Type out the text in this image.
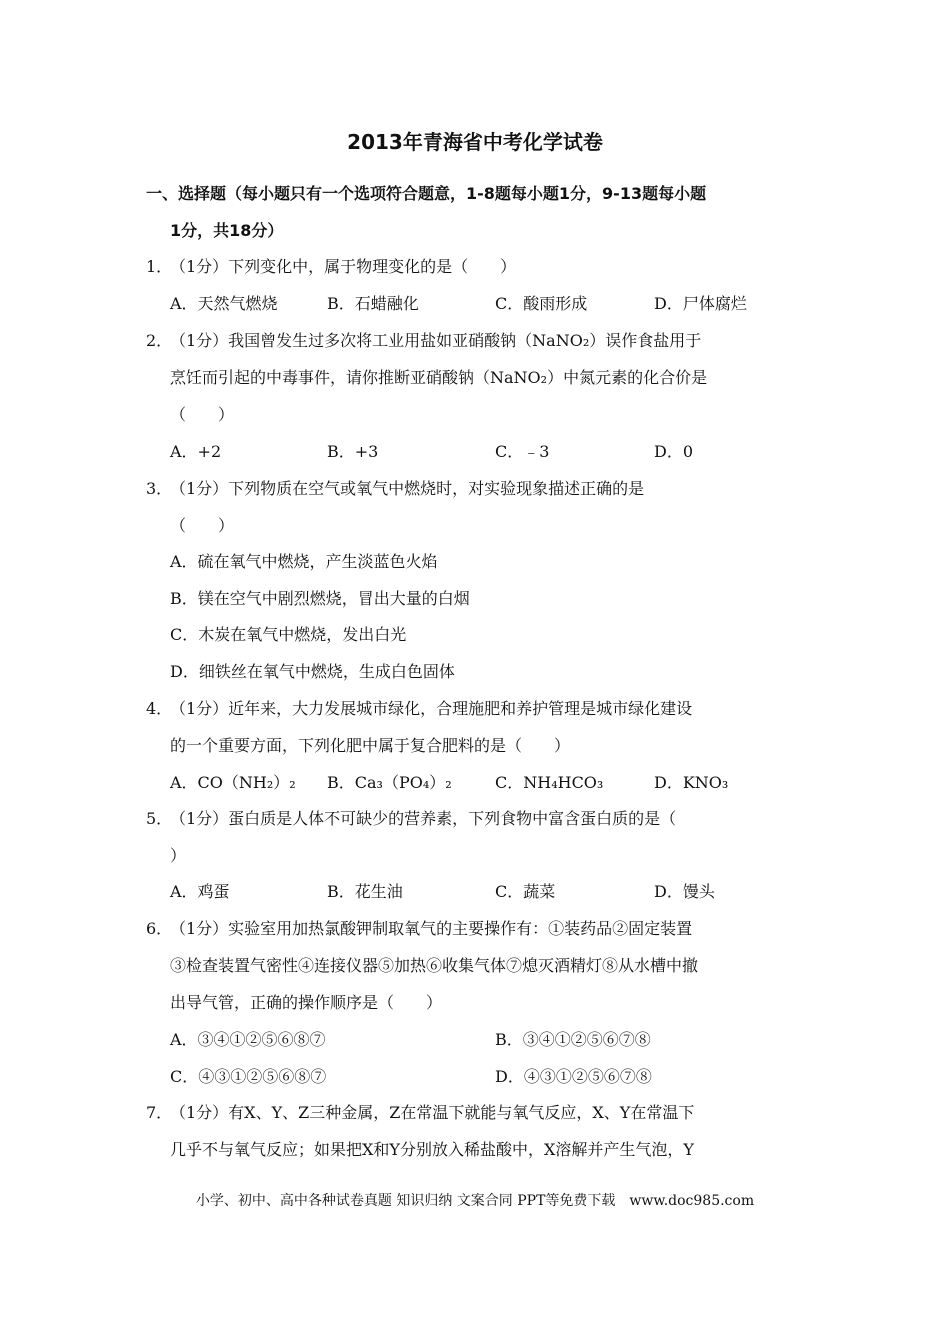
2013年青海省中考化学试卷
一、选择题（每小题只有一个选项符合题意，1-8题每小题1分，9-13题每小题
1分，共18分）
1．（1分）下列变化中，属于物理变化的是（　　）
A．天然气燃烧	B．石蜡融化	C．酸雨形成	D．尸体腐烂
2．（1分）我国曾发生过多次将工业用盐如亚硝酸钠（NaNO₂）误作食盐用于
烹饪而引起的中毒事件，请你推断亚硝酸钠（NaNO₂）中氮元素的化合价是
（　　）
A．+2	B．+3	C．﹣3	D．0
3．（1分）下列物质在空气或氧气中燃烧时，对实验现象描述正确的是
（　　）
A．硫在氧气中燃烧，产生淡蓝色火焰
B．镁在空气中剧烈燃烧，冒出大量的白烟
C．木炭在氧气中燃烧，发出白光
D．细铁丝在氧气中燃烧，生成白色固体
4．（1分）近年来，大力发展城市绿化，合理施肥和养护管理是城市绿化建设
的一个重要方面，下列化肥中属于复合肥料的是（　　）
A．CO（NH₂）₂ B．Ca₃（PO₄）₂	C．NH₄HCO₃	D．KNO₃
5．（1分）蛋白质是人体不可缺少的营养素，下列食物中富含蛋白质的是（
）
A．鸡蛋	B．花生油	C．蔬菜	D．馒头
6．（1分）实验室用加热氯酸钾制取氧气的主要操作有：①装药品②固定装置
③检查装置气密性④连接仪器⑤加热⑥收集气体⑦熄灭酒精灯⑧从水槽中撤
出导气管，正确的操作顺序是（　　）
A．③④①②⑤⑥⑧⑦	B．③④①②⑤⑥⑦⑧
C．④③①②⑤⑥⑧⑦	D．④③①②⑤⑥⑦⑧
7．（1分）有X、Y、Z三种金属，Z在常温下就能与氧气反应，X、Y在常温下
几乎不与氧气反应；如果把X和Y分别放入稀盐酸中，X溶解并产生气泡，Y
小学、初中、高中各种试卷真题 知识归纳 文案合同 PPT等免费下载　www.doc985.com
